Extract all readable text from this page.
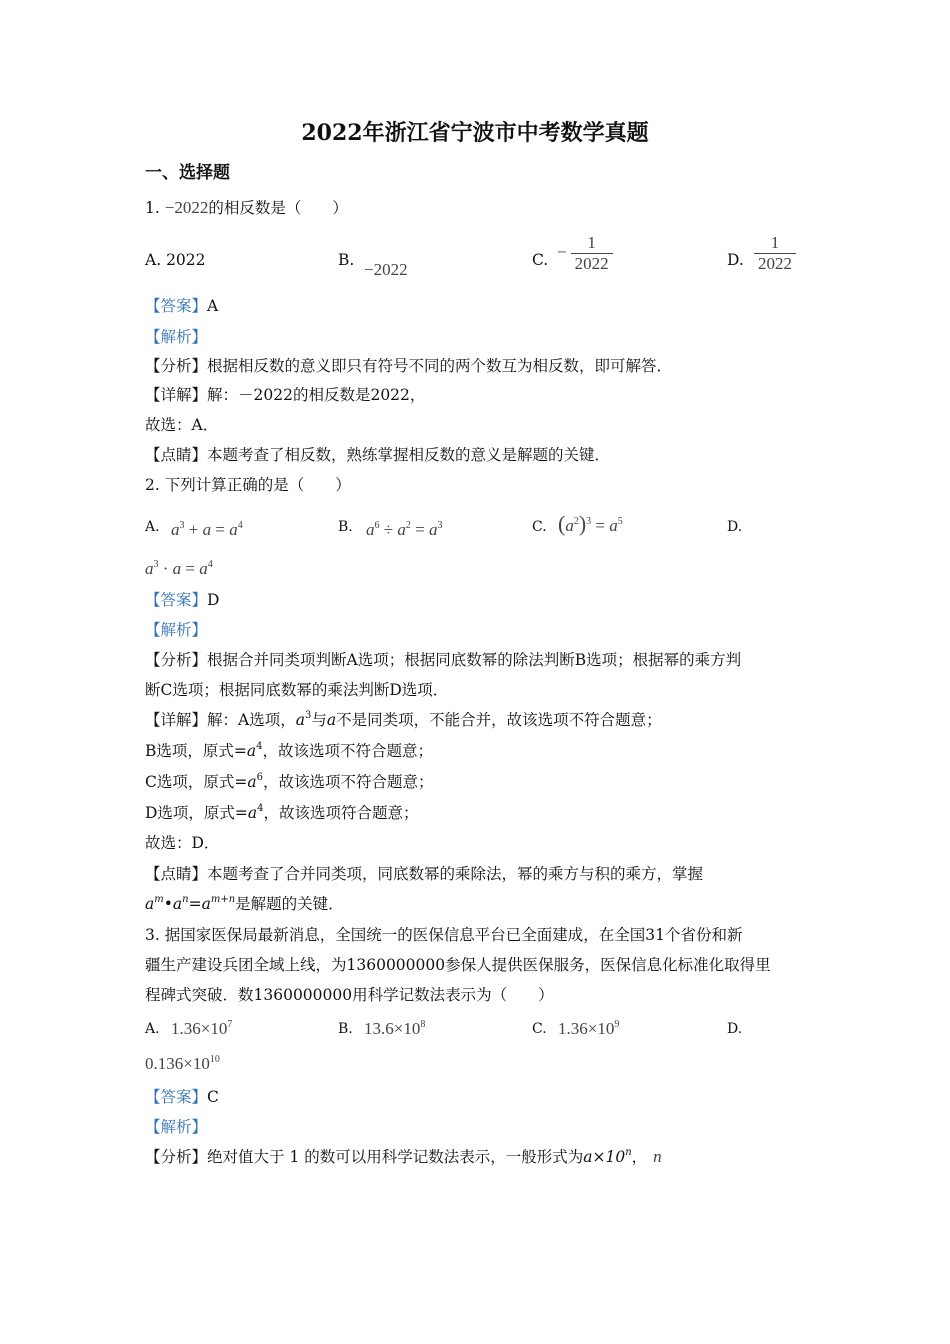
2022年浙江省宁波市中考数学真题
一、选择题
1. −2022的相反数是（　　）
A. 2022	B. −2022	C. − $\frac{1}{2022}$	D. $\frac{1}{2022}$
【答案】A
【解析】
【分析】根据相反数的意义即只有符号不同的两个数互为相反数，即可解答．
【详解】解：－2022的相反数是2022，
故选：A．
【点睛】本题考查了相反数，熟练掌握相反数的意义是解题的关键．
2. 下列计算正确的是（　　）
A. $a^3 + a = a^4$	B. $a^6 \div a^2 = a^3$	C. $(a^2)^3 = a^5$	D.
$a^3 \cdot a = a^4$
【答案】D
【解析】
【分析】根据合并同类项判断A选项；根据同底数幂的除法判断B选项；根据幂的乘方判
断C选项；根据同底数幂的乘法判断D选项．
【详解】解：A选项，$a^3$与a不是同类项，不能合并，故该选项不符合题意；
B选项，原式$=a^4$，故该选项不符合题意；
C选项，原式$=a^6$，故该选项不符合题意；
D选项，原式$=a^4$，故该选项符合题意；
故选：D．
【点睛】本题考查了合并同类项，同底数幂的乘除法，幂的乘方与积的乘方，掌握
$a^m•a^n=a^{m+n}$是解题的关键．
3. 据国家医保局最新消息，全国统一的医保信息平台已全面建成，在全国31个省份和新
疆生产建设兵团全域上线，为1360000000参保人提供医保服务，医保信息化标准化取得里
程碑式突破．数1360000000用科学记数法表示为（　　）
A. $1.36\times 10^7$	B. $13.6\times 10^8$	C. $1.36\times 10^9$	D.
$0.136\times 10^{10}$
【答案】C
【解析】
【分析】绝对值大于 1 的数可以用科学记数法表示，一般形式为$a\times 10^n$， n
